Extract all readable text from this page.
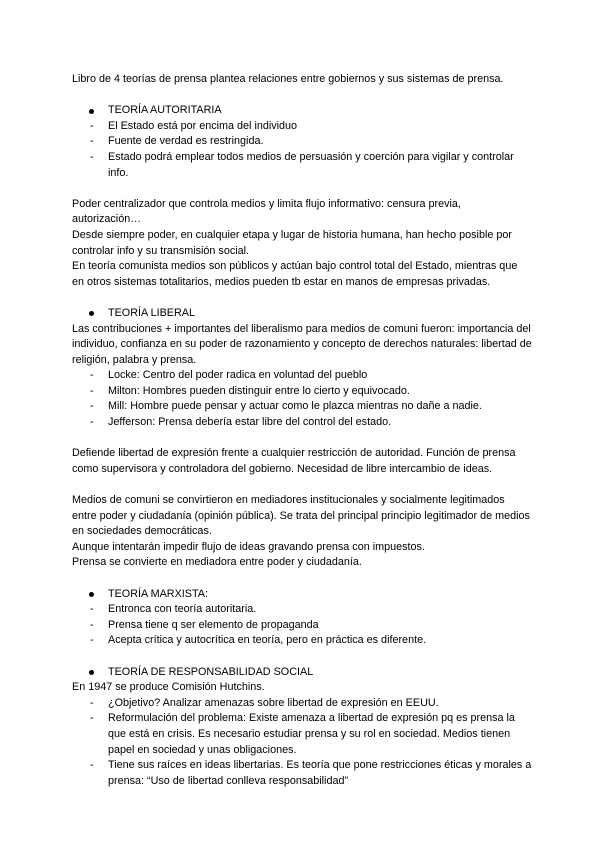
Libro de 4 teorías de prensa plantea relaciones entre gobiernos y sus sistemas de prensa.

TEORÍA AUTORITARIA

- El Estado está por encima del individuo
- Fuente de verdad es restringida.
- Estado podrá emplear todos medios de persuasión y coerción para vigilar y controlar info.

Poder centralizador que controla medios y limita flujo informativo: censura previa, autorización…

Desde siempre poder, en cualquier etapa y lugar de historia humana, han hecho posible por controlar info y su transmisión social.

En teoría comunista medios son públicos y actúan bajo control total del Estado, mientras que en otros sistemas totalitarios, medios pueden tb estar en manos de empresas privadas.

TEORÍA LIBERAL

Las contribuciones + importantes del liberalismo para medios de comuni fueron: importancia del individuo, confianza en su poder de razonamiento y concepto de derechos naturales: libertad de religión, palabra y prensa.

- Locke: Centro del poder radica en voluntad del pueblo
- Milton: Hombres pueden distinguir entre lo cierto y equivocado.
- Mill: Hombre puede pensar y actuar como le plazca mientras no dañe a nadie.
- Jefferson: Prensa debería estar libre del control del estado.

Defiende libertad de expresión frente a cualquier restricción de autoridad. Función de prensa como supervisora y controladora del gobierno. Necesidad de libre intercambio de ideas.

Medios de comuni se convirtieron en mediadores institucionales y socialmente legitimados entre poder y ciudadanía (opinión pública). Se trata del principal principio legitimador de medios en sociedades democráticas.

Aunque intentarán impedir flujo de ideas gravando prensa con impuestos.

Prensa se convierte en mediadora entre poder y ciudadanía.

TEORÍA MARXISTA:

- Entronca con teoría autoritaria.
- Prensa tiene q ser elemento de propaganda
- Acepta crítica y autocrítica en teoría, pero en práctica es diferente.

TEORÍA DE RESPONSABILIDAD SOCIAL

En 1947 se produce Comisión Hutchins.

- ¿Objetivo? Analizar amenazas sobre libertad de expresión en EEUU.
- Reformulación del problema: Existe amenaza a libertad de expresión pq es prensa la que está en crisis. Es necesario estudiar prensa y su rol en sociedad. Medios tienen papel en sociedad y unas obligaciones.
- Tiene sus raíces en ideas libertarias. Es teoría que pone restricciones éticas y morales a prensa: “Uso de libertad conlleva responsabilidad”
